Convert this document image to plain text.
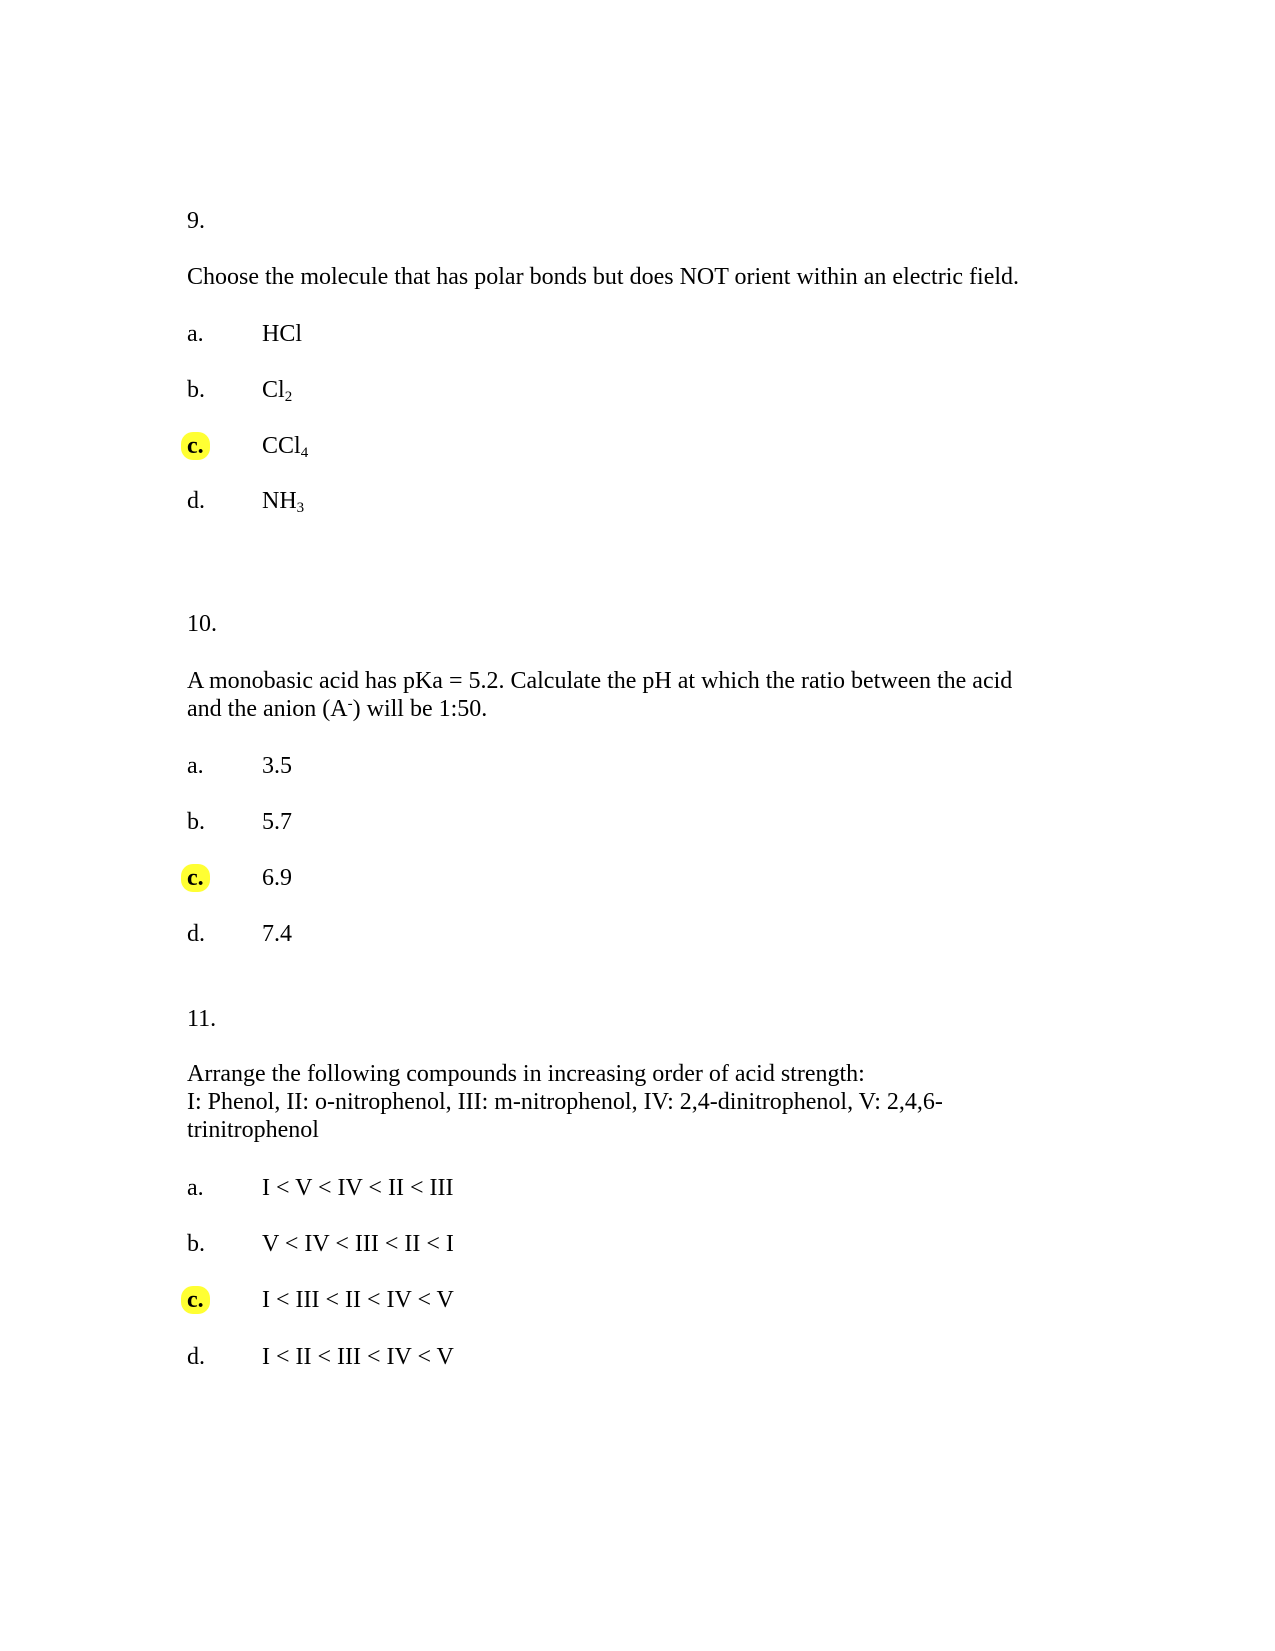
9.
Choose the molecule that has polar bonds but does NOT orient within an electric field.
a. HCl
b. $Cl_2$
c. CCl$_4$
d. $NH_3$
10.
A monobasic acid has pKa = 5.2. Calculate the pH at which the ratio between the acid
and the anion (A-) will be 1:50.
a. 3.5
b. 5.7
c. 6.9
d. 7.4
11.
Arrange the following compounds in increasing order of acid strength:
I: Phenol, II: o-nitrophenol, III: m-nitrophenol, IV: 2,4-dinitrophenol, V: 2,4,6-
trinitrophenol
a. I < V < IV < II < III
b. V < IV < III < II < I
c. I < III < II < IV < V
d. I < II < III < IV < V
